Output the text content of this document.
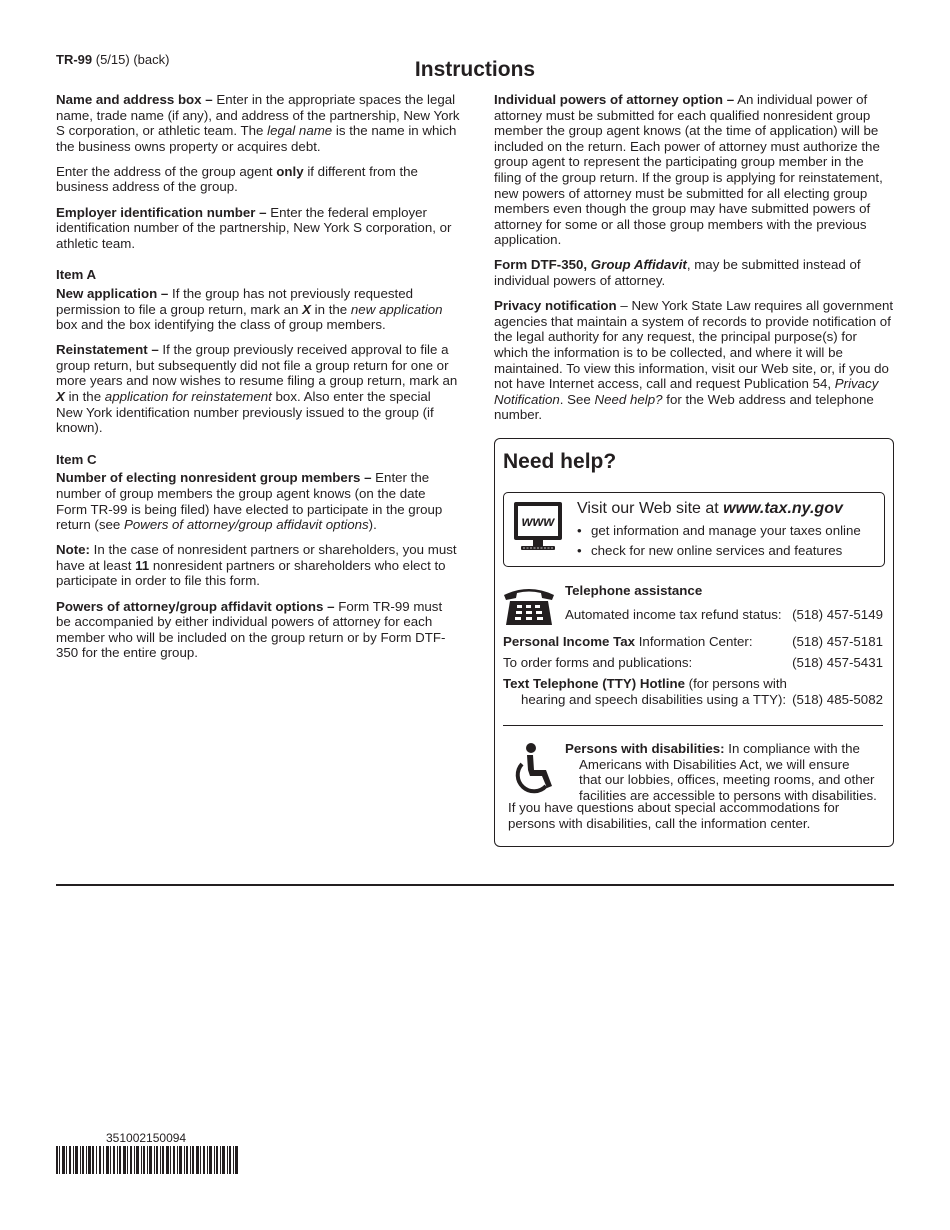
TR-99 (5/15) (back)	Instructions

Name and address box – Enter in the appropriate spaces the legal name, trade name (if any), and address of the partnership, New York S corporation, or athletic team. The legal name is the name in which the business owns property or acquires debt.

Enter the address of the group agent only if different from the business address of the group.

Employer identification number – Enter the federal employer identification number of the partnership, New York S corporation, or athletic team.

Item A

New application – If the group has not previously requested permission to file a group return, mark an X in the new application box and the box identifying the class of group members.

Reinstatement – If the group previously received approval to file a group return, but subsequently did not file a group return for one or more years and now wishes to resume filing a group return, mark an X in the application for reinstatement box. Also enter the special New York identification number previously issued to the group (if known).

Item C

Number of electing nonresident group members – Enter the number of group members the group agent knows (on the date Form TR-99 is being filed) have elected to participate in the group return (see Powers of attorney/group affidavit options).

Note: In the case of nonresident partners or shareholders, you must have at least 11 nonresident partners or shareholders who elect to participate in order to file this form.

Powers of attorney/group affidavit options – Form TR-99 must be accompanied by either individual powers of attorney for each member who will be included on the group return or by Form DTF-350 for the entire group.

Individual powers of attorney option – An individual power of attorney must be submitted for each qualified nonresident group member the group agent knows (at the time of application) will be included on the return. Each power of attorney must authorize the group agent to represent the participating group member in the filing of the group return. If the group is applying for reinstatement, new powers of attorney must be submitted for all electing group members even though the group may have submitted powers of attorney for some or all those group members with the previous application.

Form DTF-350, Group Affidavit, may be submitted instead of individual powers of attorney.

Privacy notification – New York State Law requires all government agencies that maintain a system of records to provide notification of the legal authority for any request, the principal purpose(s) for which the information is to be collected, and where it will be maintained. To view this information, visit our Web site, or, if you do not have Internet access, call and request Publication 54, Privacy Notification. See Need help? for the Web address and telephone number.

Need help?
www
Visit our Web site at www.tax.ny.gov
• get information and manage your taxes online
• check for new online services and features
Telephone assistance
Automated income tax refund status: (518) 457-5149
Personal Income Tax Information Center:	(518) 457-5181
To order forms and publications:	(518) 457-5431
Text Telephone (TTY) Hotline (for persons with
hearing and speech disabilities using a TTY): (518) 485-5082
Persons with disabilities: In compliance with the
Americans with Disabilities Act, we will ensure
that our lobbies, offices, meeting rooms, and other
facilities are accessible to persons with disabilities.
If you have questions about special accommodations for persons with disabilities, call the information center.
351002150094
